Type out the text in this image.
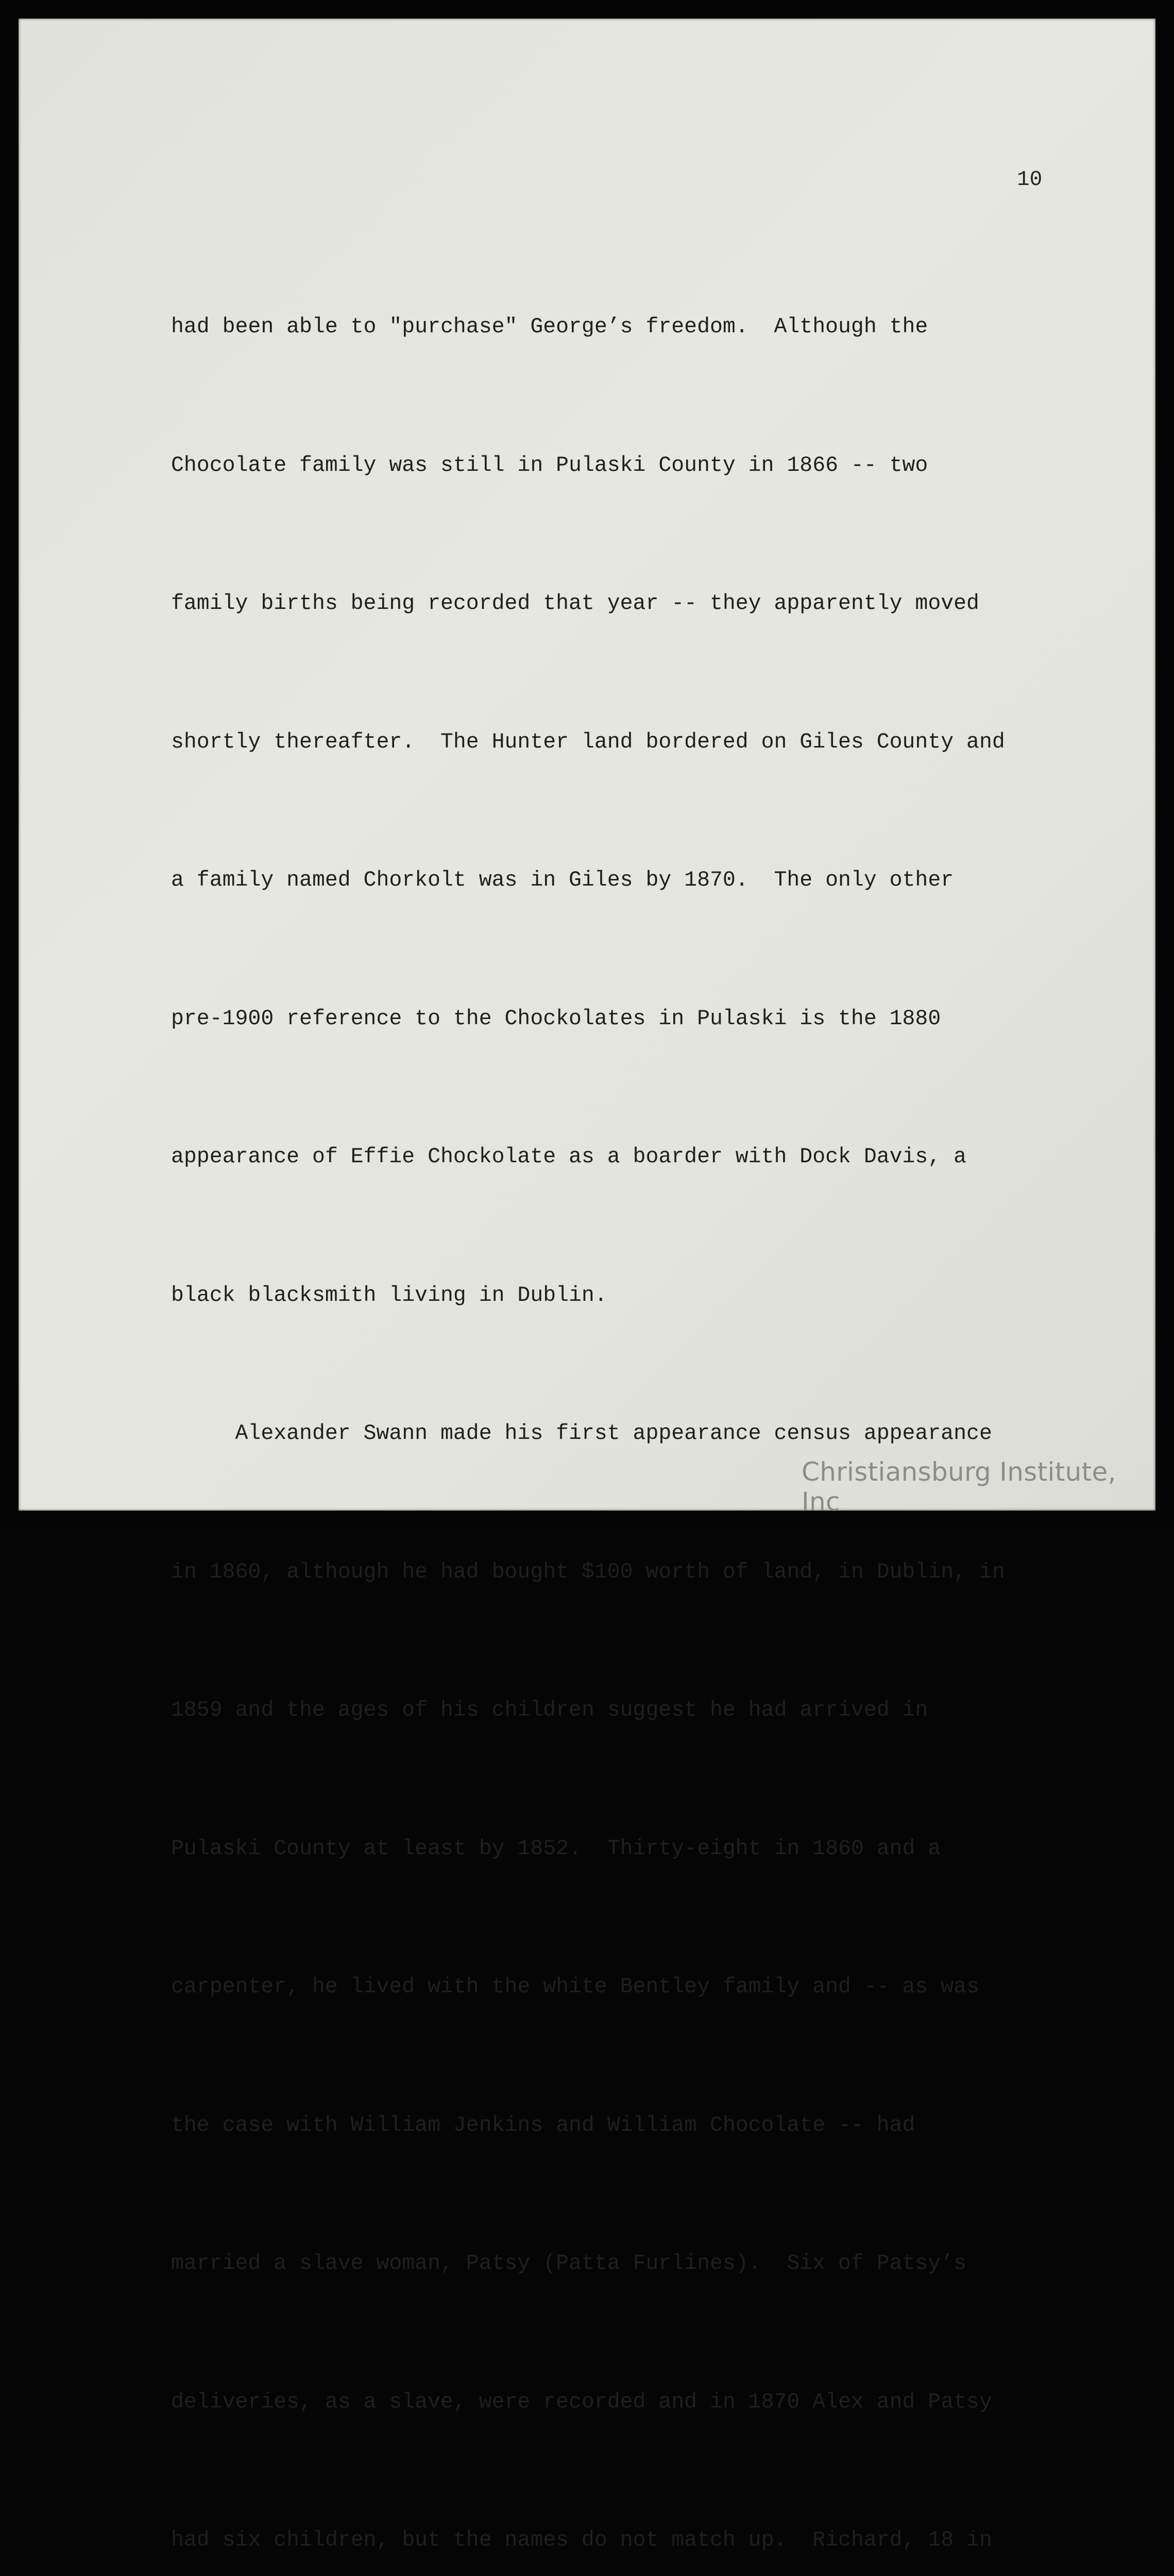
10

had been able to "purchase" George’s freedom.  Although the

Chocolate family was still in Pulaski County in 1866 -- two

family births being recorded that year -- they apparently moved

shortly thereafter.  The Hunter land bordered on Giles County and

a family named Chorkolt was in Giles by 1870.  The only other

pre-1900 reference to the Chockolates in Pulaski is the 1880

appearance of Effie Chockolate as a boarder with Dock Davis, a

black blacksmith living in Dublin.

Alexander Swann made his first appearance census appearance

in 1860, although he had bought $100 worth of land, in Dublin, in

1859 and the ages of his children suggest he had arrived in

Pulaski County at least by 1852.  Thirty-eight in 1860 and a

carpenter, he lived with the white Bentley family and -- as was

the case with William Jenkins and William Chocolate -- had

married a slave woman, Patsy (Patta Furlines).  Six of Patsy’s

deliveries, as a slave, were recorded and in 1870 Alex and Patsy

had six children, but the names do not match up.  Richard, 18 in

Christiansburg Institute, Inc
